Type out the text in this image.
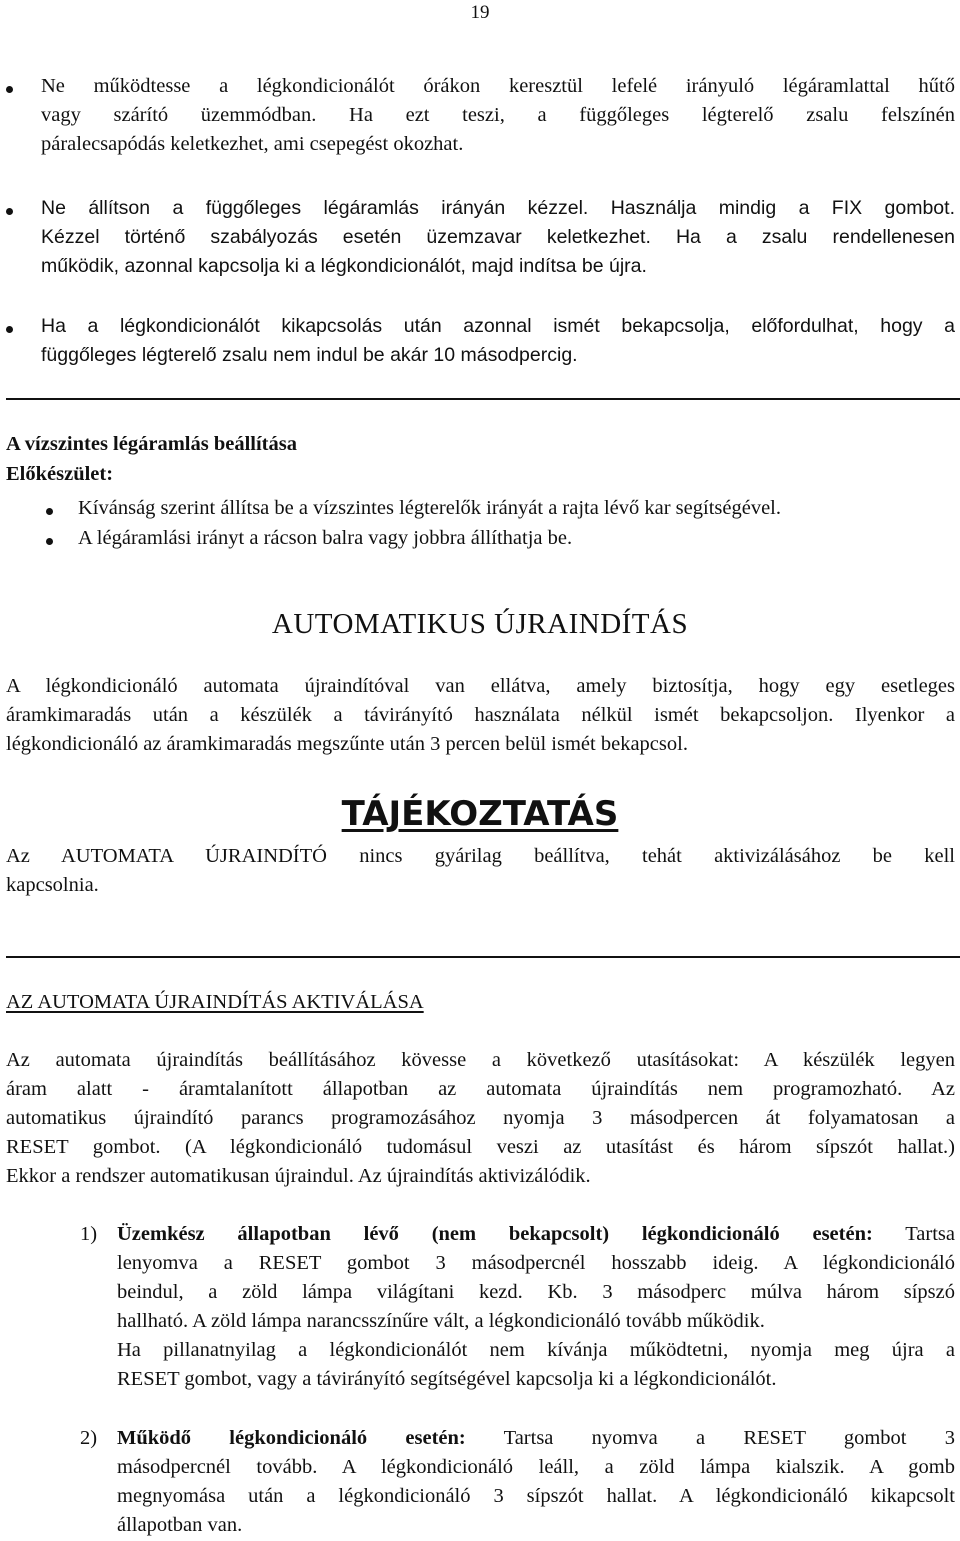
19
Ne működtesse a légkondicionálót órákon keresztül lefelé irányuló légáramlattal hűtő
vagy szárító üzemmódban. Ha ezt teszi, a függőleges légterelő zsalu felszínén
páralecsapódás keletkezhet, ami csepegést okozhat.
Ne állítson a függőleges légáramlás irányán kézzel. Használja mindig a FIX gombot.
Kézzel történő szabályozás esetén üzemzavar keletkezhet. Ha a zsalu rendellenesen
működik, azonnal kapcsolja ki a légkondicionálót, majd indítsa be újra.
Ha a légkondicionálót kikapcsolás után azonnal ismét bekapcsolja, előfordulhat, hogy a
függőleges légterelő zsalu nem indul be akár 10 másodpercig.
A vízszintes légáramlás beállítása
Előkészület:
Kívánság szerint állítsa be a vízszintes légterelők irányát a rajta lévő kar segítségével.
A légáramlási irányt a rácson balra vagy jobbra állíthatja be.
AUTOMATIKUS ÚJRAINDÍTÁS
A légkondicionáló automata újraindítóval van ellátva, amely biztosítja, hogy egy esetleges
áramkimaradás után a készülék a távirányító használata nélkül ismét bekapcsoljon. Ilyenkor a
légkondicionáló az áramkimaradás megszűnte után 3 percen belül ismét bekapcsol.
TÁJÉKOZTATÁS
Az AUTOMATA ÚJRAINDÍTÓ nincs gyárilag beállítva, tehát aktivizálásához be kell
kapcsolnia.
AZ AUTOMATA ÚJRAINDÍTÁS AKTIVÁLÁSA
Az automata újraindítás beállításához kövesse a következő utasításokat: A készülék legyen
áram alatt - áramtalanított állapotban az automata újraindítás nem programozható. Az
automatikus újraindító parancs programozásához nyomja 3 másodpercen át folyamatosan a
RESET gombot. (A légkondicionáló tudomásul veszi az utasítást és három sípszót hallat.)
Ekkor a rendszer automatikusan újraindul. Az újraindítás aktivizálódik.
1) Üzemkész állapotban lévő (nem bekapcsolt) légkondicionáló esetén: Tartsa
lenyomva a RESET gombot 3 másodpercnél hosszabb ideig. A légkondicionáló
beindul, a zöld lámpa világítani kezd. Kb. 3 másodperc múlva három sípszó
hallható. A zöld lámpa narancsszínűre vált, a légkondicionáló tovább működik.
Ha pillanatnyilag a légkondicionálót nem kívánja működtetni, nyomja meg újra a
RESET gombot, vagy a távirányító segítségével kapcsolja ki a légkondicionálót.
2) Működő légkondicionáló esetén: Tartsa nyomva a RESET gombot 3
másodpercnél tovább. A légkondicionáló leáll, a zöld lámpa kialszik. A gomb
megnyomása után a légkondicionáló 3 sípszót hallat. A légkondicionáló kikapcsolt
állapotban van.
